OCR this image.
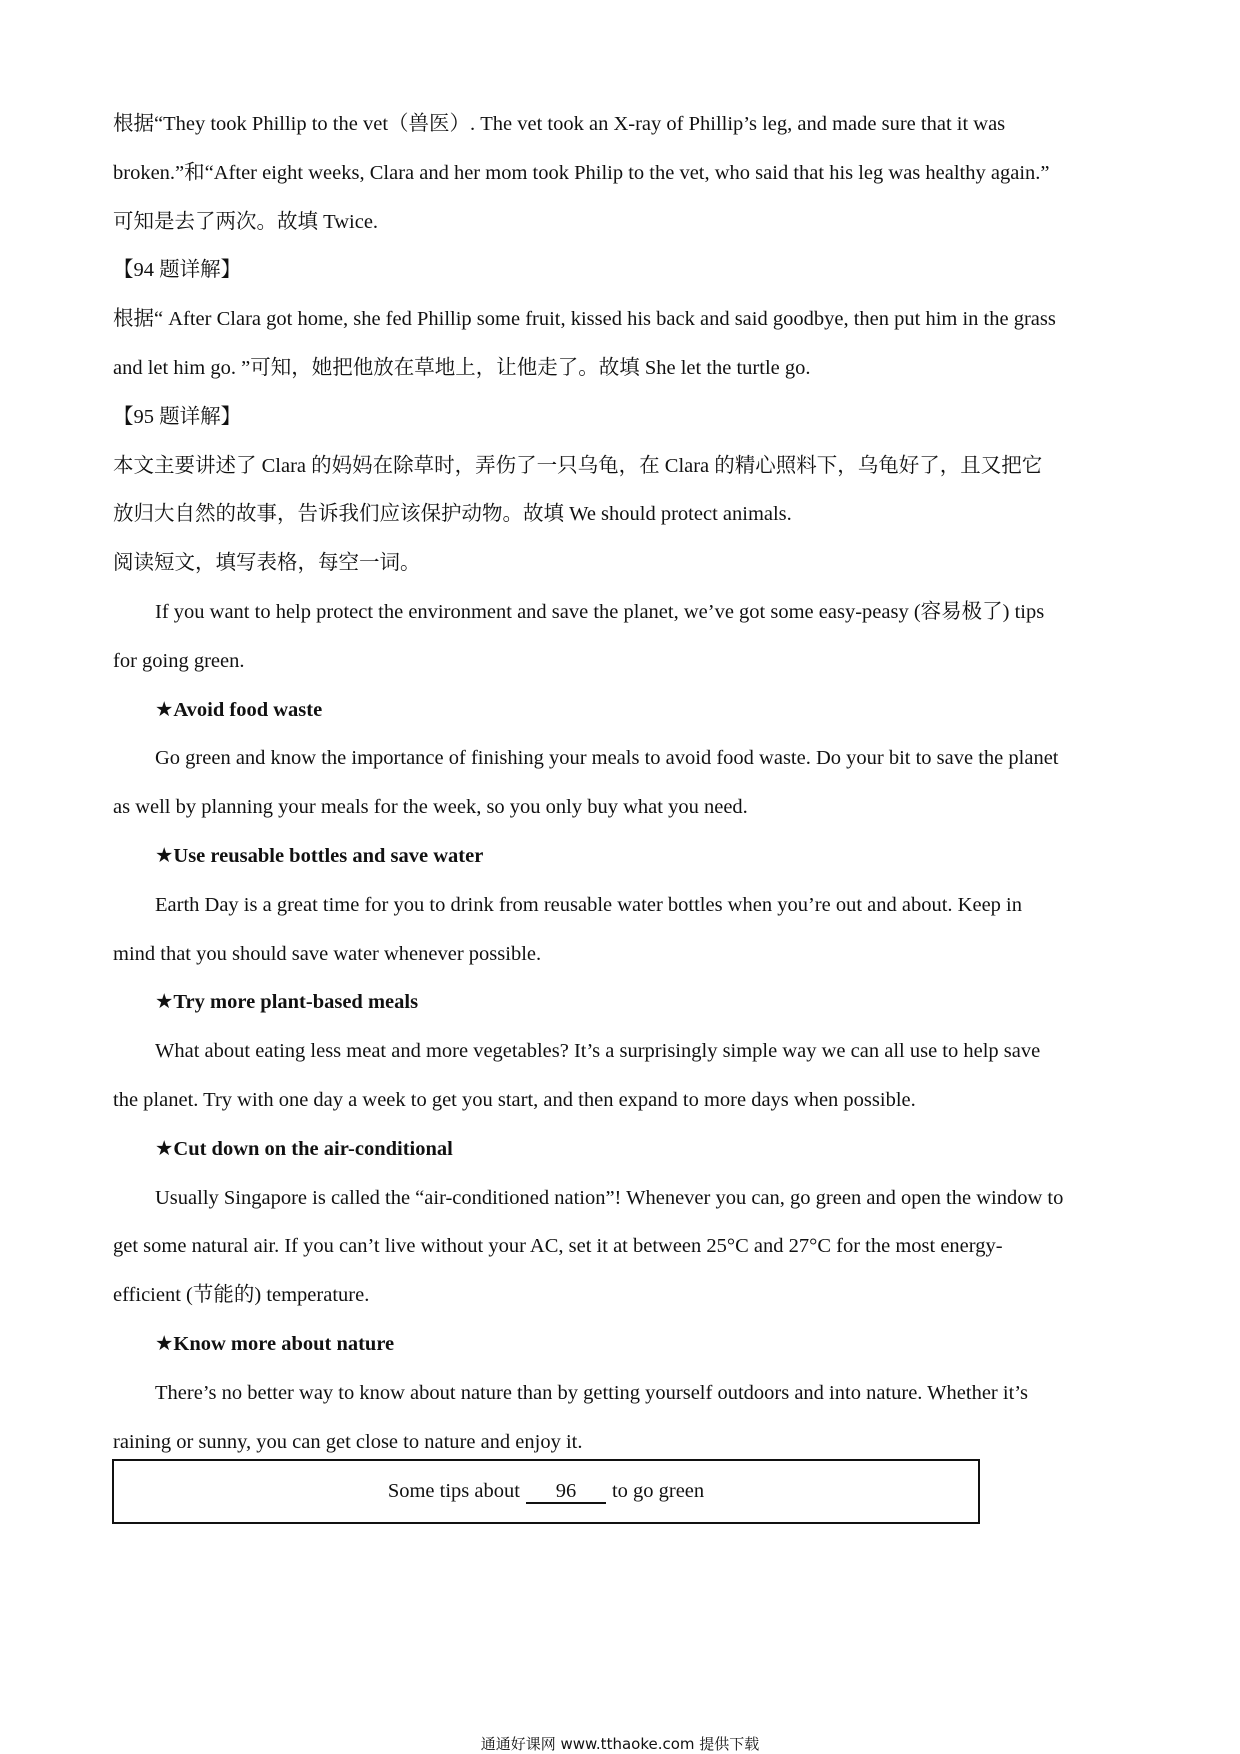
根据“They took Phillip to the vet（兽医）. The vet took an X-ray of Phillip’s leg, and made sure that it was

broken.”和“After eight weeks, Clara and her mom took Philip to the vet, who said that his leg was healthy again.”

可知是去了两次。故填 Twice.

【94 题详解】

根据“ After Clara got home, she fed Phillip some fruit, kissed his back and said goodbye, then put him in the grass

and let him go. ”可知，她把他放在草地上，让他走了。故填 She let the turtle go.

【95 题详解】

本文主要讲述了 Clara 的妈妈在除草时，弄伤了一只乌龟，在 Clara 的精心照料下，乌龟好了，且又把它

放归大自然的故事，告诉我们应该保护动物。故填 We should protect animals.

阅读短文，填写表格，每空一词。

If you want to help protect the environment and save the planet, we’ve got some easy-peasy (容易极了) tips

for going green.

★Avoid food waste

Go green and know the importance of finishing your meals to avoid food waste. Do your bit to save the planet

as well by planning your meals for the week, so you only buy what you need.

★Use reusable bottles and save water

Earth Day is a great time for you to drink from reusable water bottles when you’re out and about. Keep in

mind that you should save water whenever possible.

★Try more plant-based meals

What about eating less meat and more vegetables? It’s a surprisingly simple way we can all use to help save

the planet. Try with one day a week to get you start, and then expand to more days when possible.

★Cut down on the air-conditional

Usually Singapore is called the “air-conditioned nation”! Whenever you can, go green and open the window to

get some natural air. If you can’t live without your AC, set it at between 25°C and 27°C for the most energy-

efficient (节能的) temperature.

★Know more about nature

There’s no better way to know about nature than by getting yourself outdoors and into nature. Whether it’s

raining or sunny, you can get close to nature and enjoy it.

Some tips about	96	to go green
通通好课网 www.tthaoke.com 提供下载
